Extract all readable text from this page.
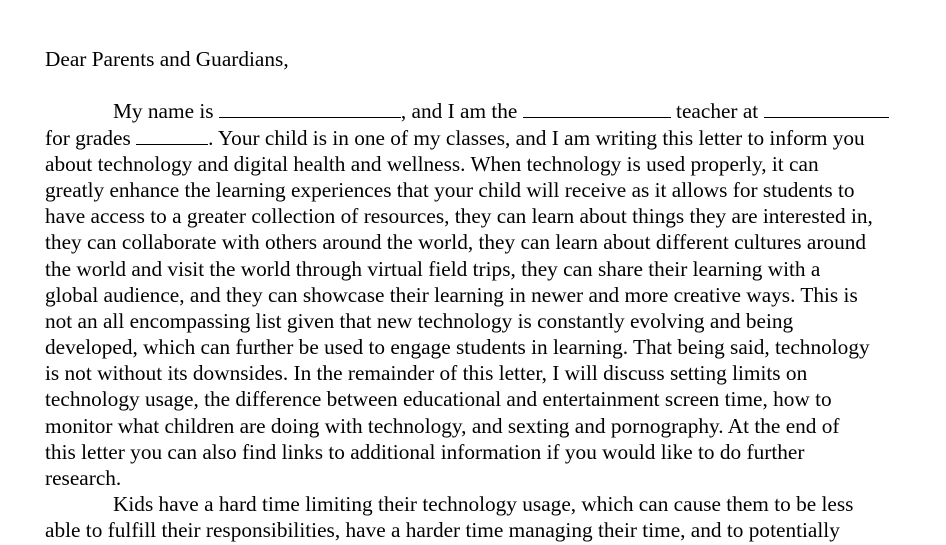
Dear Parents and Guardians,

My name is	, and I am the	teacher at
for grades	. Your child is in one of my classes, and I am writing this letter to inform you
about technology and digital health and wellness. When technology is used properly, it can
greatly enhance the learning experiences that your child will receive as it allows for students to
have access to a greater collection of resources, they can learn about things they are interested in,
they can collaborate with others around the world, they can learn about different cultures around
the world and visit the world through virtual field trips, they can share their learning with a
global audience, and they can showcase their learning in newer and more creative ways. This is
not an all encompassing list given that new technology is constantly evolving and being
developed, which can further be used to engage students in learning. That being said, technology
is not without its downsides. In the remainder of this letter, I will discuss setting limits on
technology usage, the difference between educational and entertainment screen time, how to
monitor what children are doing with technology, and sexting and pornography. At the end of
this letter you can also find links to additional information if you would like to do further
research.

Kids have a hard time limiting their technology usage, which can cause them to be less
able to fulfill their responsibilities, have a harder time managing their time, and to potentially
